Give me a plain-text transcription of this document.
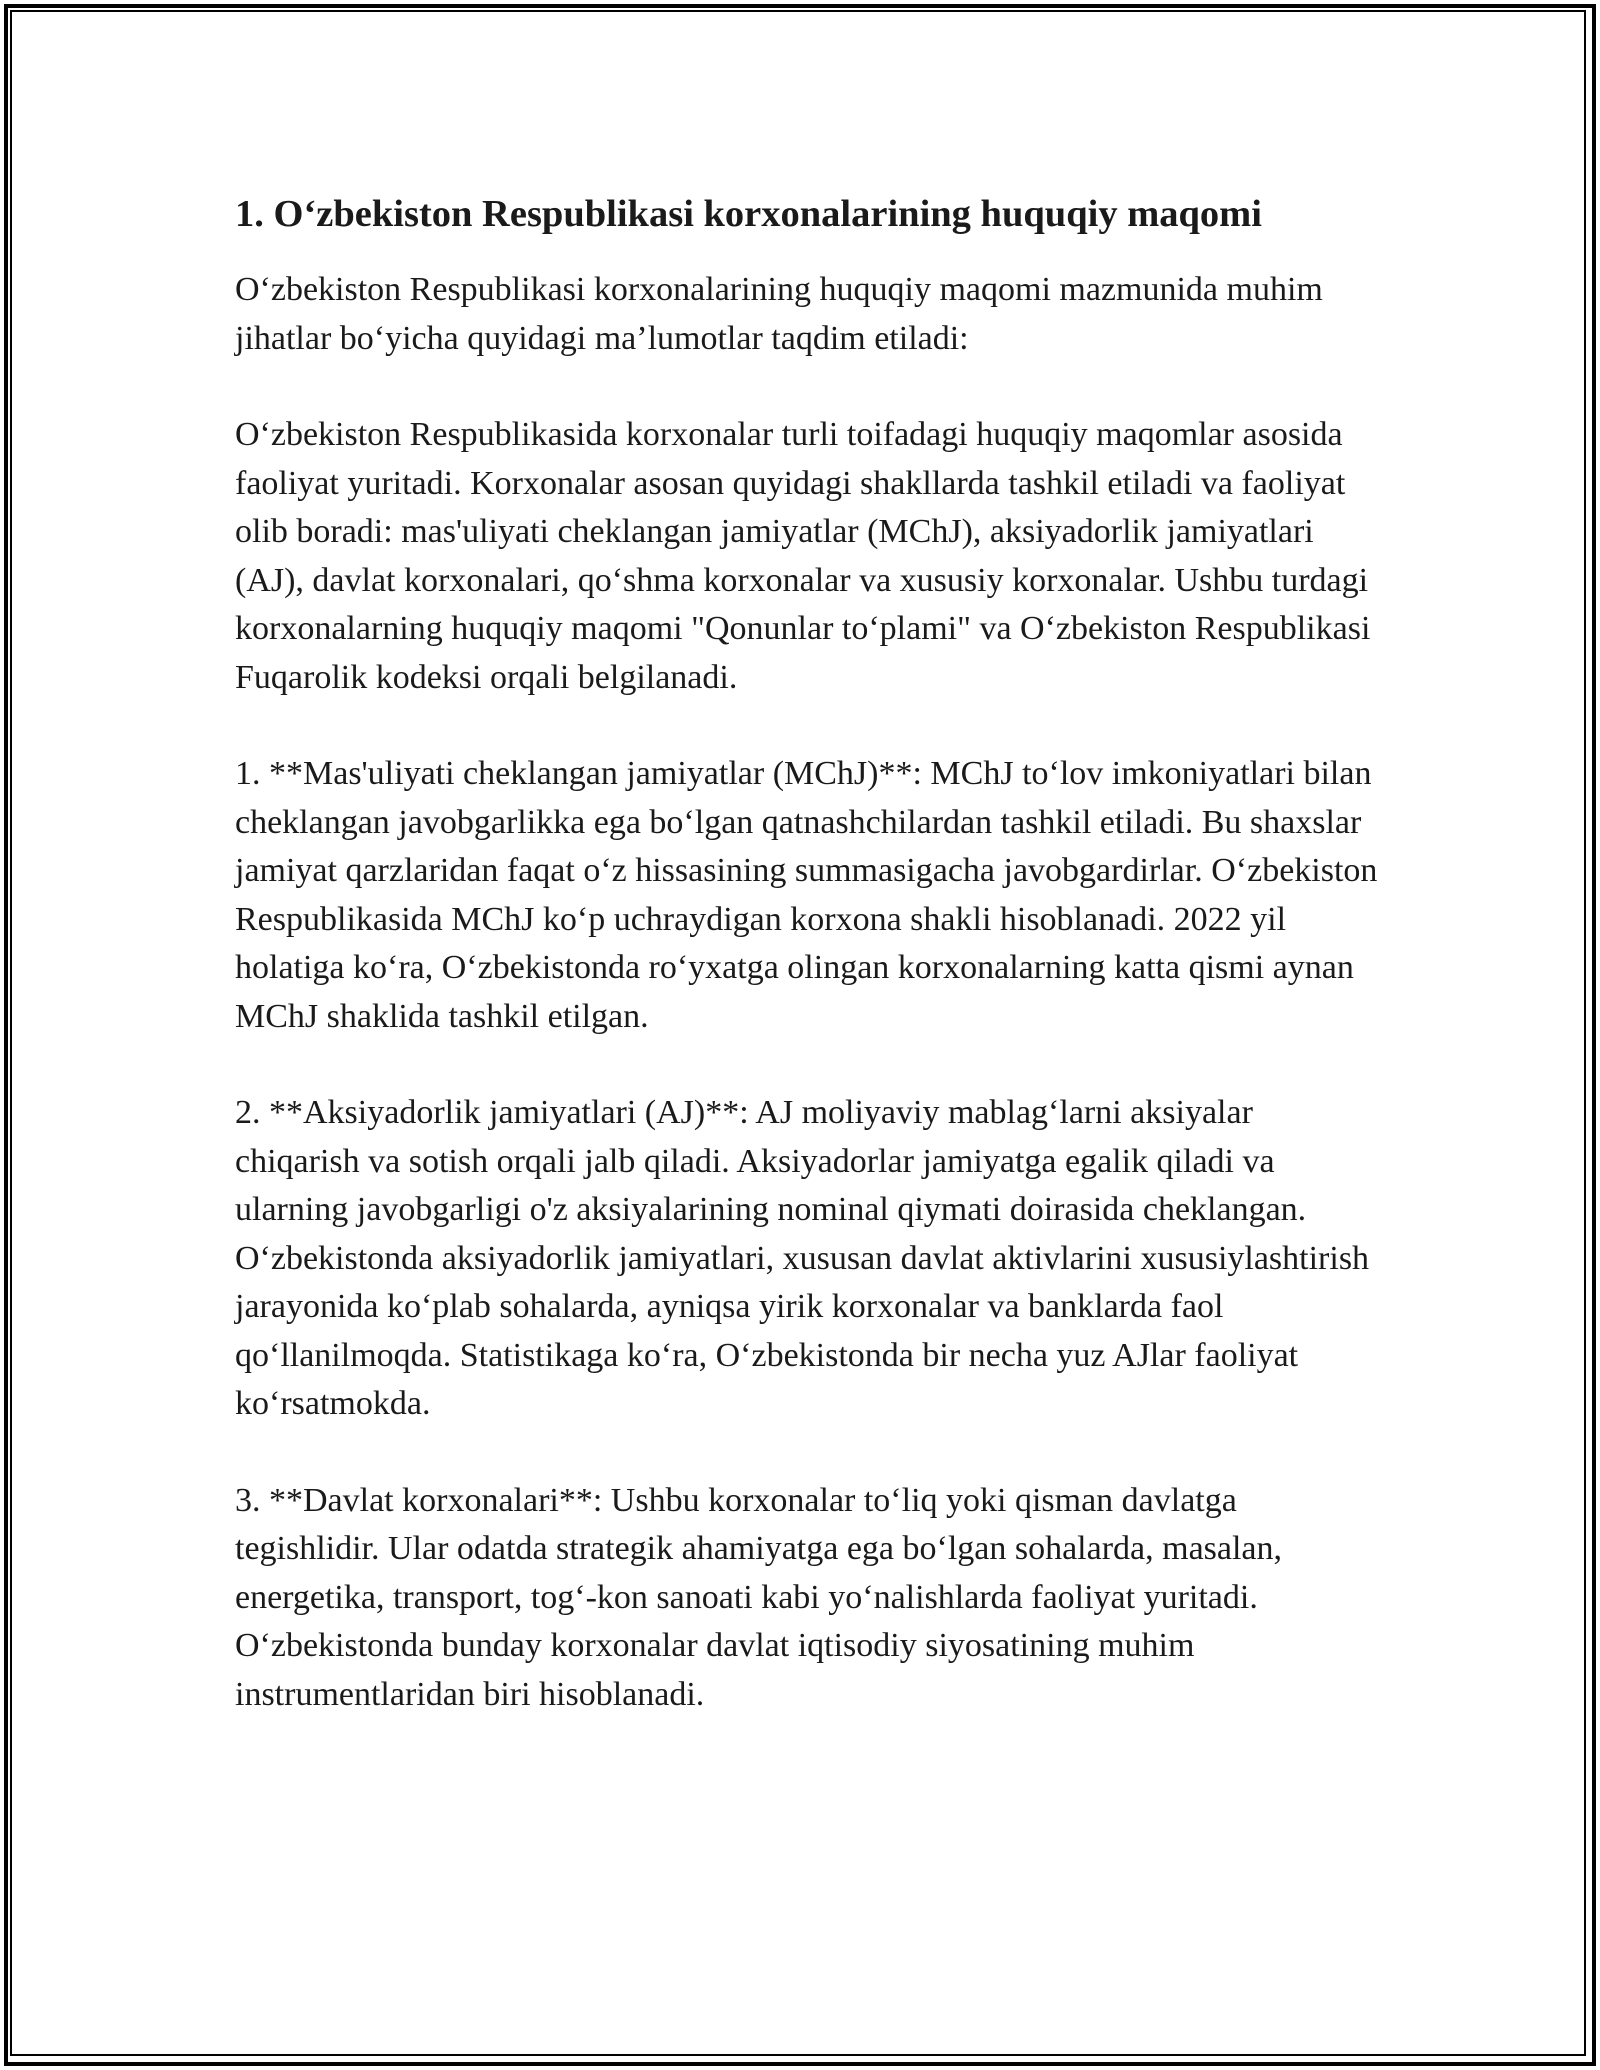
1. O‘zbekiston Respublikasi korxonalarining huquqiy maqomi

O‘zbekiston Respublikasi korxonalarining huquqiy maqomi mazmunida muhim jihatlar bo‘yicha quyidagi ma’lumotlar taqdim etiladi:

O‘zbekiston Respublikasida korxonalar turli toifadagi huquqiy maqomlar asosida faoliyat yuritadi. Korxonalar asosan quyidagi shakllarda tashkil etiladi va faoliyat olib boradi: mas'uliyati cheklangan jamiyatlar (MChJ), aksiyadorlik jamiyatlari (AJ), davlat korxonalari, qo‘shma korxonalar va xususiy korxonalar. Ushbu turdagi korxonalarning huquqiy maqomi "Qonunlar to‘plami" va O‘zbekiston Respublikasi Fuqarolik kodeksi orqali belgilanadi.

1. **Mas'uliyati cheklangan jamiyatlar (MChJ)**: MChJ to‘lov imkoniyatlari bilan cheklangan javobgarlikka ega bo‘lgan qatnashchilardan tashkil etiladi. Bu shaxslar jamiyat qarzlaridan faqat o‘z hissasining summasigacha javobgardirlar. O‘zbekiston Respublikasida MChJ ko‘p uchraydigan korxona shakli hisoblanadi. 2022 yil holatiga ko‘ra, O‘zbekistonda ro‘yxatga olingan korxonalarning katta qismi aynan MChJ shaklida tashkil etilgan.

2. **Aksiyadorlik jamiyatlari (AJ)**: AJ moliyaviy mablag‘larni aksiyalar chiqarish va sotish orqali jalb qiladi. Aksiyadorlar jamiyatga egalik qiladi va ularning javobgarligi o'z aksiyalarining nominal qiymati doirasida cheklangan. O‘zbekistonda aksiyadorlik jamiyatlari, xususan davlat aktivlarini xususiylashtirish jarayonida ko‘plab sohalarda, ayniqsa yirik korxonalar va banklarda faol qo‘llanilmoqda. Statistikaga ko‘ra, O‘zbekistonda bir necha yuz AJlar faoliyat ko‘rsatmokda.

3. **Davlat korxonalari**: Ushbu korxonalar to‘liq yoki qisman davlatga tegishlidir. Ular odatda strategik ahamiyatga ega bo‘lgan sohalarda, masalan, energetika, transport, tog‘-kon sanoati kabi yo‘nalishlarda faoliyat yuritadi. O‘zbekistonda bunday korxonalar davlat iqtisodiy siyosatining muhim instrumentlaridan biri hisoblanadi.
